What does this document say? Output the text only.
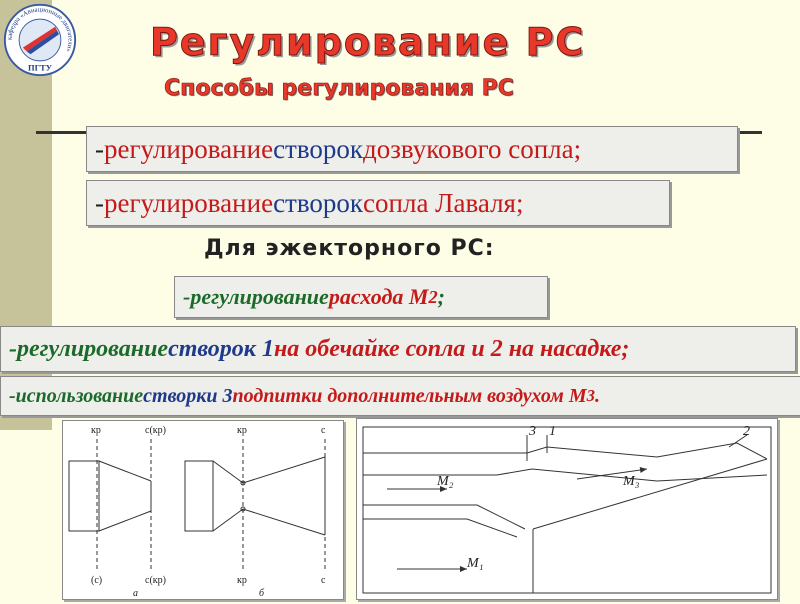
кафедра «Авиационные двигатели»
ПГТУ
Регулирование РС
Способы регулирования РС
- регулирование створок дозвукового сопла;
- регулирование створок сопла Лаваля;
Для эжекторного РС:
- регулирование расхода М 2 ;
- регулирование створок 1 на обечайке сопла и 2 на насадке;
- использование створки 3 подпитки дополнительным воздухом М 3 .
кр	с(кр)	кр	с
(с)	с(кр)	кр	с
а	б
3 1	2
M₂	M₃
M₁
